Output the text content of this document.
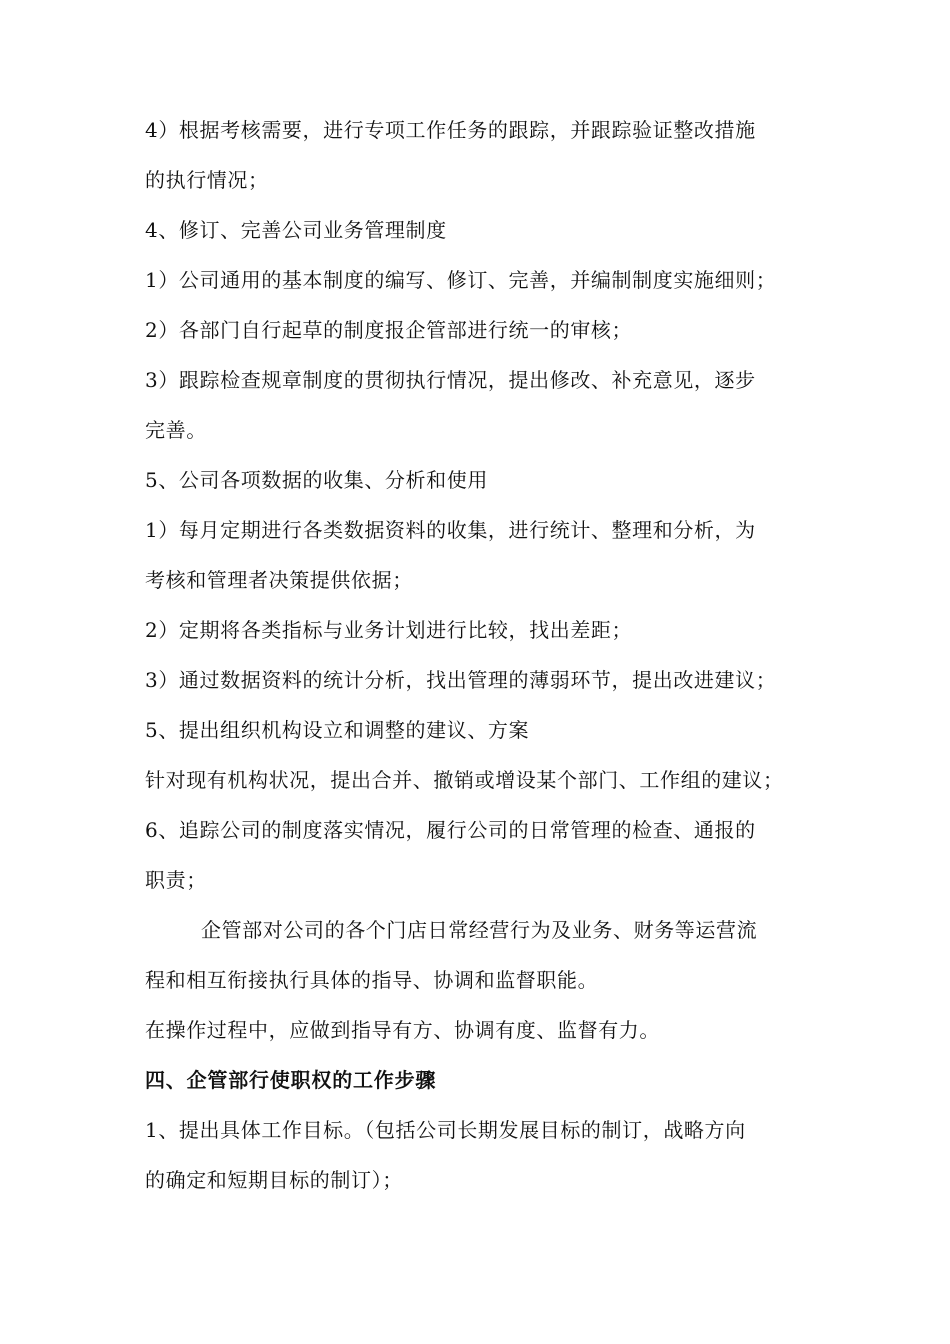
4）根据考核需要，进行专项工作任务的跟踪，并跟踪验证整改措施
的执行情况；
4、修订、完善公司业务管理制度
1）公司通用的基本制度的编写、修订、完善，并编制制度实施细则；
2）各部门自行起草的制度报企管部进行统一的审核；
3）跟踪检查规章制度的贯彻执行情况，提出修改、补充意见，逐步
完善。
5、公司各项数据的收集、分析和使用
1）每月定期进行各类数据资料的收集，进行统计、整理和分析，为
考核和管理者决策提供依据；
2）定期将各类指标与业务计划进行比较，找出差距；
3）通过数据资料的统计分析，找出管理的薄弱环节，提出改进建议；
5、提出组织机构设立和调整的建议、方案
针对现有机构状况，提出合并、撤销或增设某个部门、工作组的建议；
6、追踪公司的制度落实情况，履行公司的日常管理的检查、通报的
职责；
企管部对公司的各个门店日常经营行为及业务、财务等运营流
程和相互衔接执行具体的指导、协调和监督职能。
在操作过程中，应做到指导有方、协调有度、监督有力。
四、企管部行使职权的工作步骤
1、提出具体工作目标。（包括公司长期发展目标的制订，战略方向
的确定和短期目标的制订）；
